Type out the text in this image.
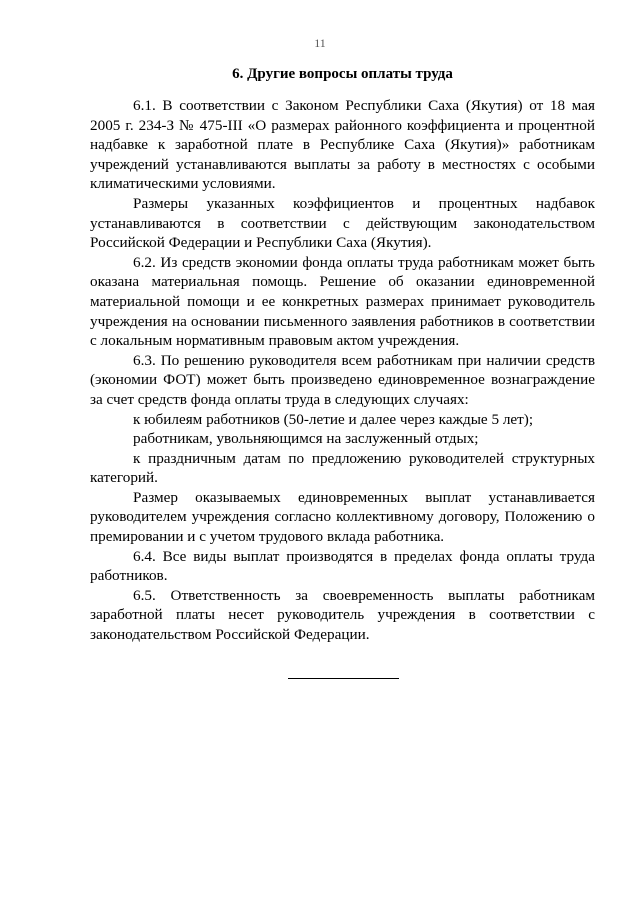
11
6. Другие вопросы оплаты труда

6.1. В соответствии с Законом Республики Саха (Якутия) от 18 мая 2005 г. 234-З № 475-III «О размерах районного коэффициента и процентной надбавке к заработной плате в Республике Саха (Якутия)» работникам учреждений устанавливаются выплаты за работу в местностях с особыми климатическими условиями.

Размеры указанных коэффициентов и процентных надбавок устанавливаются в соответствии с действующим законодательством Российской Федерации и Республики Саха (Якутия).

6.2. Из средств экономии фонда оплаты труда работникам может быть оказана материальная помощь. Решение об оказании единовременной материальной помощи и ее конкретных размерах принимает руководитель учреждения на основании письменного заявления работников в соответствии с локальным нормативным правовым актом учреждения.

6.3. По решению руководителя всем работникам при наличии средств (экономии ФОТ) может быть произведено единовременное вознаграждение за счет средств фонда оплаты труда в следующих случаях:

к юбилеям работников (50-летие и далее через каждые 5 лет);

работникам, увольняющимся на заслуженный отдых;

к праздничным датам по предложению руководителей структурных категорий.

Размер оказываемых единовременных выплат устанавливается руководителем учреждения согласно коллективному договору, Положению о премировании и с учетом трудового вклада работника.

6.4. Все виды выплат производятся в пределах фонда оплаты труда работников.

6.5. Ответственность за своевременность выплаты работникам заработной платы несет руководитель учреждения в соответствии с законодательством Российской Федерации.
